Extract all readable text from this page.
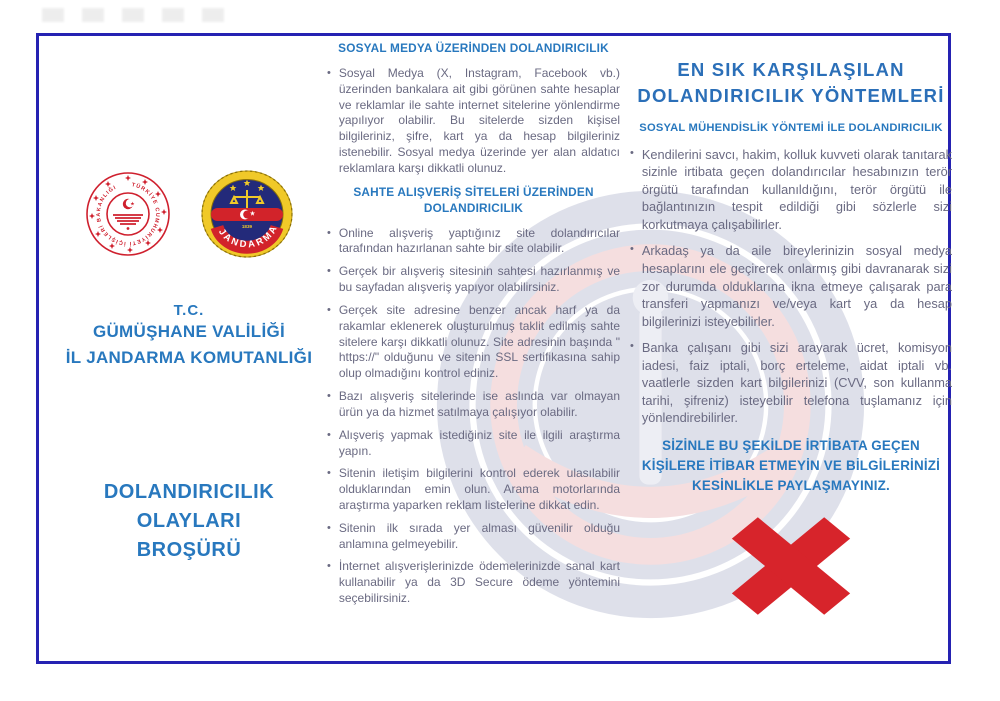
TÜRKİYE CUMHURİYETİ İÇİŞLERİ BAKANLIĞI
1839
JANDARMA
T.C.
GÜMÜŞHANE VALİLİĞİ
İL JANDARMA KOMUTANLIĞI
DOLANDIRICILIK OLAYLARI
BROŞÜRÜ
SOSYAL MEDYA ÜZERİNDEN DOLANDIRICILIK
• Sosyal Medya (X, Instagram, Facebook vb.) üzerinden bankalara ait gibi görünen sahte hesaplar ve reklamlar ile sahte internet sitelerine yönlendirme yapılıyor olabilir. Bu sitelerde sizden kişisel bilgileriniz, şifre, kart ya da hesap bilgileriniz istenebilir. Sosyal medya üzerinde yer alan aldatıcı reklamlara karşı dikkatli olunuz.
SAHTE ALIŞVERİŞ SİTELERİ ÜZERİNDEN
DOLANDIRICILIK
• Online alışveriş yaptığınız site dolandırıcılar tarafından hazırlanan sahte bir site olabilir.
• Gerçek bir alışveriş sitesinin sahtesi hazırlanmış ve bu sayfadan alışveriş yapıyor olabilirsiniz.
• Gerçek site adresine benzer ancak harf ya da rakamlar eklenerek oluşturulmuş taklit edilmiş sahte sitelere karşı dikkatli olunuz. Site adresinin başında " https://" olduğunu ve sitenin SSL sertifikasına sahip olup olmadığını kontrol ediniz.
• Bazı alışveriş sitelerinde ise aslında var olmayan ürün ya da hizmet satılmaya çalışıyor olabilir.
• Alışveriş yapmak istediğiniz site ile ilgili araştırma yapın.
• Sitenin iletişim bilgilerini kontrol ederek ulasılabilir olduklarından emin olun. Arama motorlarında araştırma yaparken reklam listelerine dikkat edin.
• Sitenin ilk sırada yer alması güvenilir olduğu anlamına gelmeyebilir.
• İnternet alışverişlerinizde ödemelerinizde sanal kart kullanabilir ya da 3D Secure ödeme yöntemini seçebilirsiniz.
EN SIK KARŞILAŞILAN
DOLANDIRICILIK YÖNTEMLERİ
SOSYAL MÜHENDİSLİK YÖNTEMİ İLE DOLANDIRICILIK
• Kendilerini savcı, hakim, kolluk kuvveti olarak tanıtarak sizinle irtibata geçen dolandırıcılar hesabınızın terör örgütü tarafından kullanıldığını, terör örgütü ile bağlantınızın tespit edildiği gibi sözlerle sizi korkutmaya çalışabilirler.
• Arkadaş ya da aile bireylerinizin sosyal medya hesaplarını ele geçirerek onlarmış gibi davranarak sizi zor durumda olduklarına ikna etmeye çalışarak para transferi yapmanızı ve/veya kart ya da hesap bilgilerinizi isteyebilirler.
• Banka çalışanı gibi sizi arayarak ücret, komisyon iadesi, faiz iptali, borç erteleme, aidat iptali vb. vaatlerle sizden kart bilgilerinizi (CVV, son kullanma tarihi, şifreniz) isteyebilir telefona tuşlamanız için yönlendirebilirler.
SİZİNLE BU ŞEKİLDE İRTİBATA GEÇEN KİŞİLERE İTİBAR ETMEYİN VE BİLGİLERİNİZİ KESİNLİKLE PAYLAŞMAYINIZ.
